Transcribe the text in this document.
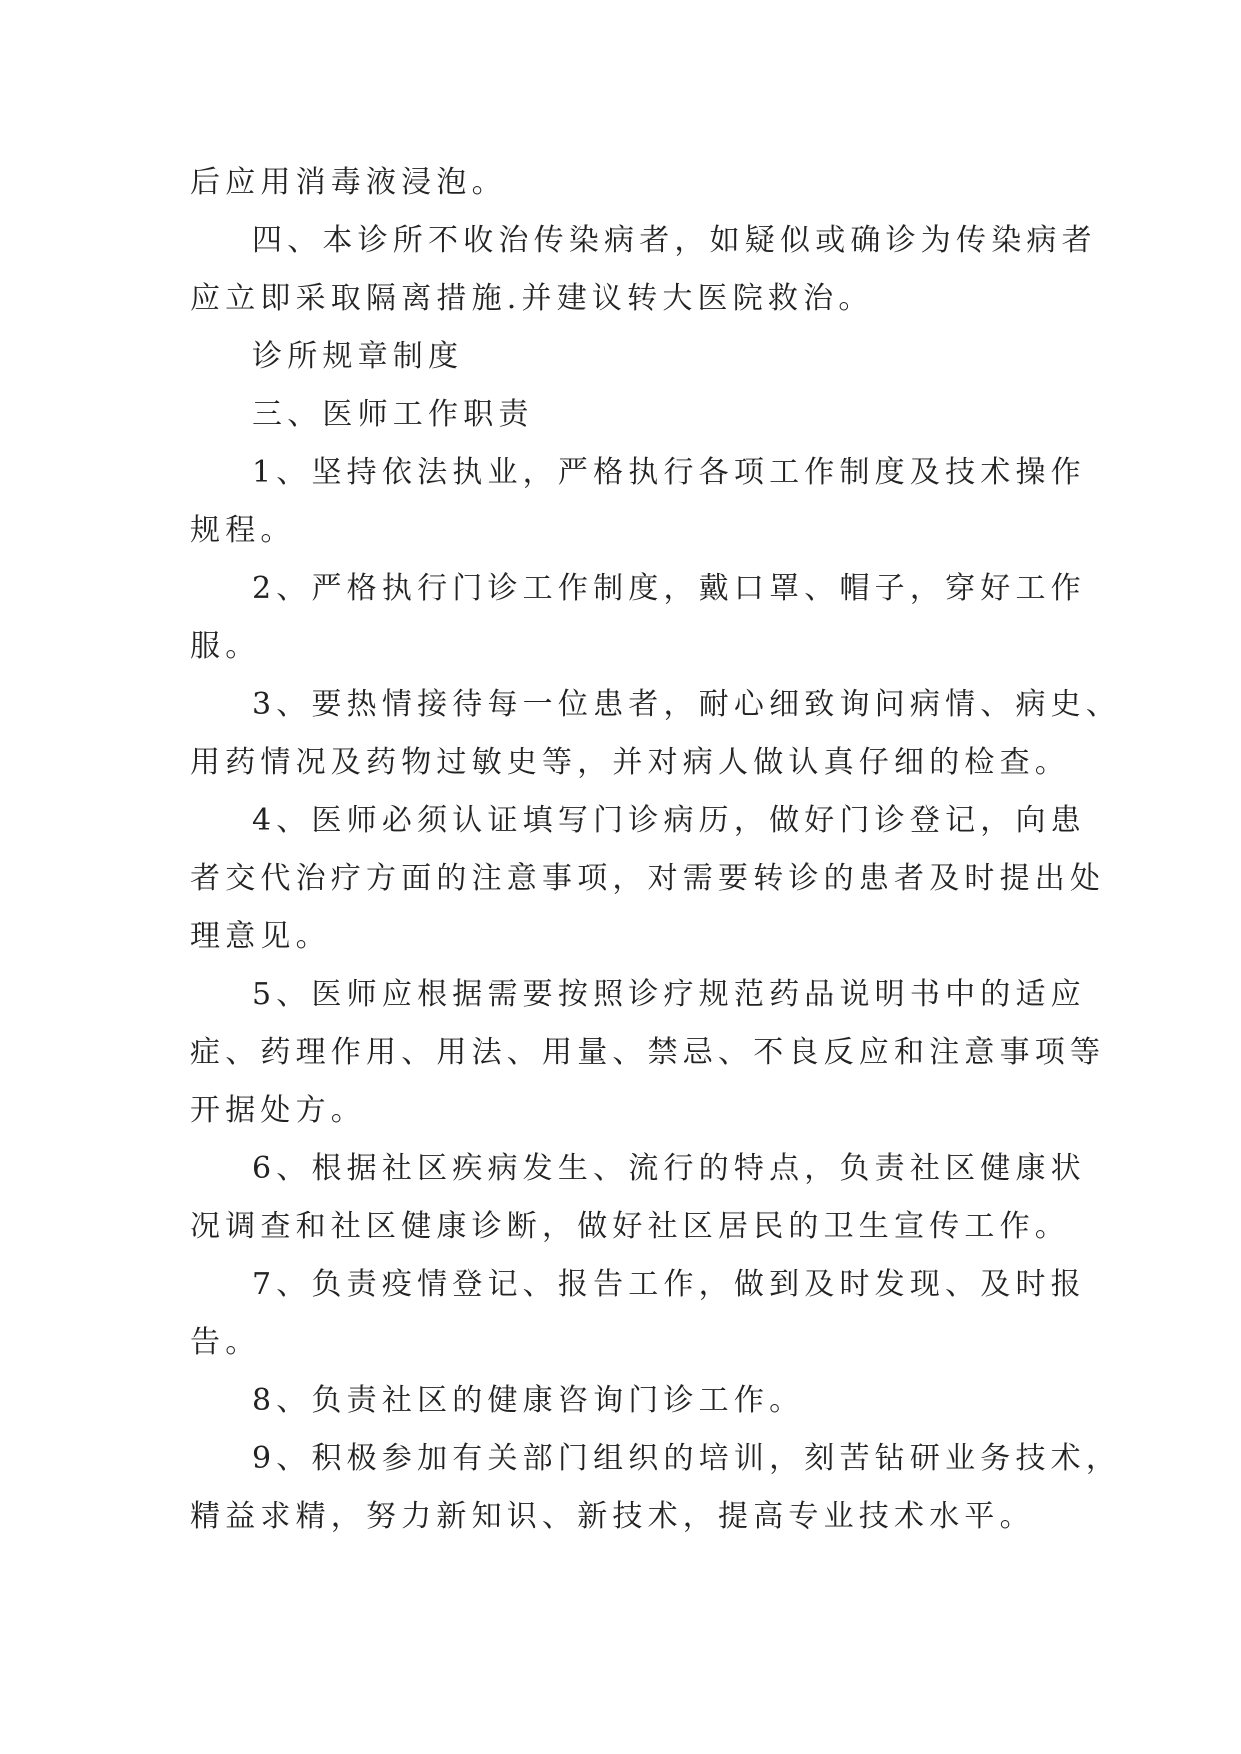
后应用消毒液浸泡。
四、本诊所不收治传染病者，如疑似或确诊为传染病者
应立即采取隔离措施.并建议转大医院救治。
诊所规章制度
三、医师工作职责
1、坚持依法执业，严格执行各项工作制度及技术操作
规程。
2、严格执行门诊工作制度，戴口罩、帽子，穿好工作
服。
3、要热情接待每一位患者，耐心细致询问病情、病史、
用药情况及药物过敏史等，并对病人做认真仔细的检查。
4、医师必须认证填写门诊病历，做好门诊登记，向患
者交代治疗方面的注意事项，对需要转诊的患者及时提出处
理意见。
5、医师应根据需要按照诊疗规范药品说明书中的适应
症、药理作用、用法、用量、禁忌、不良反应和注意事项等
开据处方。
6、根据社区疾病发生、流行的特点，负责社区健康状
况调查和社区健康诊断，做好社区居民的卫生宣传工作。
7、负责疫情登记、报告工作，做到及时发现、及时报
告。
8、负责社区的健康咨询门诊工作。
9、积极参加有关部门组织的培训，刻苦钻研业务技术，
精益求精，努力新知识、新技术，提高专业技术水平。
